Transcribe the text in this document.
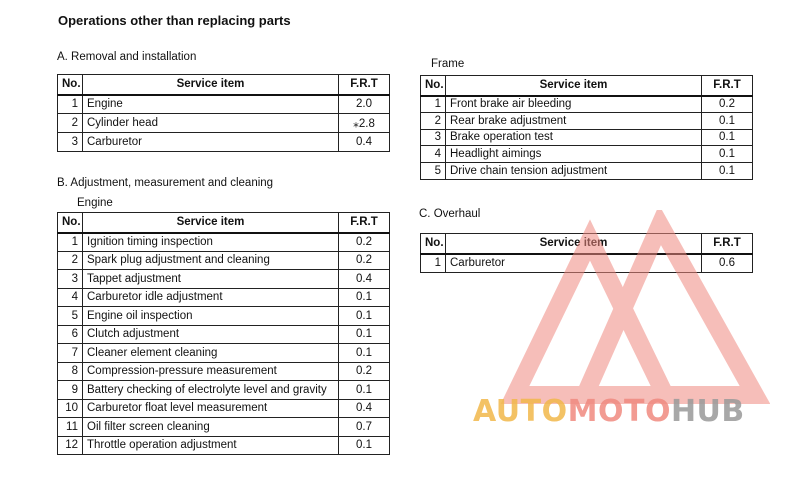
Operations other than replacing parts
A. Removal and installation
No.	Service item	F.R.T
1	Engine	2.0
2	Cylinder head	⁎2.8
3	Carburetor	0.4
B. Adjustment, measurement and cleaning
Engine
No.	Service item	F.R.T
1	Ignition timing inspection	0.2
2	Spark plug adjustment and cleaning	0.2
3	Tappet adjustment	0.4
4	Carburetor idle adjustment	0.1
5	Engine oil inspection	0.1
6	Clutch adjustment	0.1
7	Cleaner element cleaning	0.1
8	Compression-pressure measurement	0.2
9	Battery checking of electrolyte level and gravity	0.1
10	Carburetor float level measurement	0.4
11	Oil filter screen cleaning	0.7
12	Throttle operation adjustment	0.1
Frame
No.	Service item	F.R.T
1	Front brake air bleeding	0.2
2	Rear brake adjustment	0.1
3	Brake operation test	0.1
4	Headlight aimings	0.1
5	Drive chain tension adjustment	0.1
C. Overhaul
No.	Service item	F.R.T
1	Carburetor	0.6
AUTOMOTOHUB
